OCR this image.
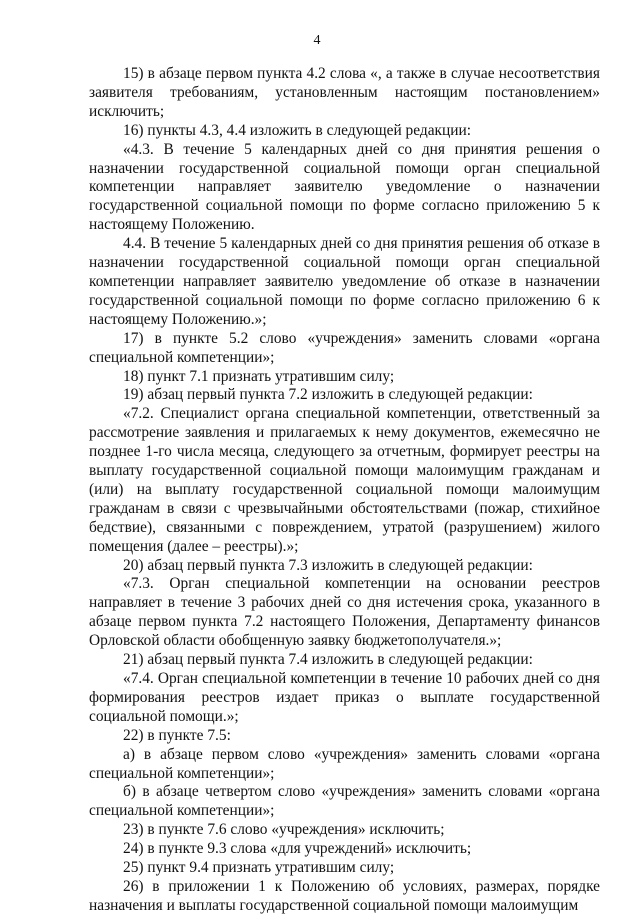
4

15) в абзаце первом пункта 4.2 слова «, а также в случае несоответствия заявителя требованиям, установленным настоящим постановлением» исключить;

16) пункты 4.3, 4.4 изложить в следующей редакции:

«4.3. В течение 5 календарных дней со дня принятия решения о назначении государственной социальной помощи орган специальной компетенции направляет заявителю уведомление о назначении государственной социальной помощи по форме согласно приложению 5 к настоящему Положению.

4.4. В течение 5 календарных дней со дня принятия решения об отказе в назначении государственной социальной помощи орган специальной компетенции направляет заявителю уведомление об отказе в назначении государственной социальной помощи по форме согласно приложению 6 к настоящему Положению.»;

17) в пункте 5.2 слово «учреждения» заменить словами «органа специальной компетенции»;

18) пункт 7.1 признать утратившим силу;

19) абзац первый пункта 7.2 изложить в следующей редакции:

«7.2. Специалист органа специальной компетенции, ответственный за рассмотрение заявления и прилагаемых к нему документов, ежемесячно не позднее 1-го числа месяца, следующего за отчетным, формирует реестры на выплату государственной социальной помощи малоимущим гражданам и (или) на выплату государственной социальной помощи малоимущим гражданам в связи с чрезвычайными обстоятельствами (пожар, стихийное бедствие), связанными с повреждением, утратой (разрушением) жилого помещения (далее – реестры).»;

20) абзац первый пункта 7.3 изложить в следующей редакции:

«7.3. Орган специальной компетенции на основании реестров направляет в течение 3 рабочих дней со дня истечения срока, указанного в абзаце первом пункта 7.2 настоящего Положения, Департаменту финансов Орловской области обобщенную заявку бюджетополучателя.»;

21) абзац первый пункта 7.4 изложить в следующей редакции:

«7.4. Орган специальной компетенции в течение 10 рабочих дней со дня формирования реестров издает приказ о выплате государственной социальной помощи.»;

22) в пункте 7.5:

а) в абзаце первом слово «учреждения» заменить словами «органа специальной компетенции»;

б) в абзаце четвертом слово «учреждения» заменить словами «органа специальной компетенции»;

23) в пункте 7.6 слово «учреждения» исключить;

24) в пункте 9.3 слова «для учреждений» исключить;

25) пункт 9.4 признать утратившим силу;

26) в приложении 1 к Положению об условиях, размерах, порядке назначения и выплаты государственной социальной помощи малоимущим
